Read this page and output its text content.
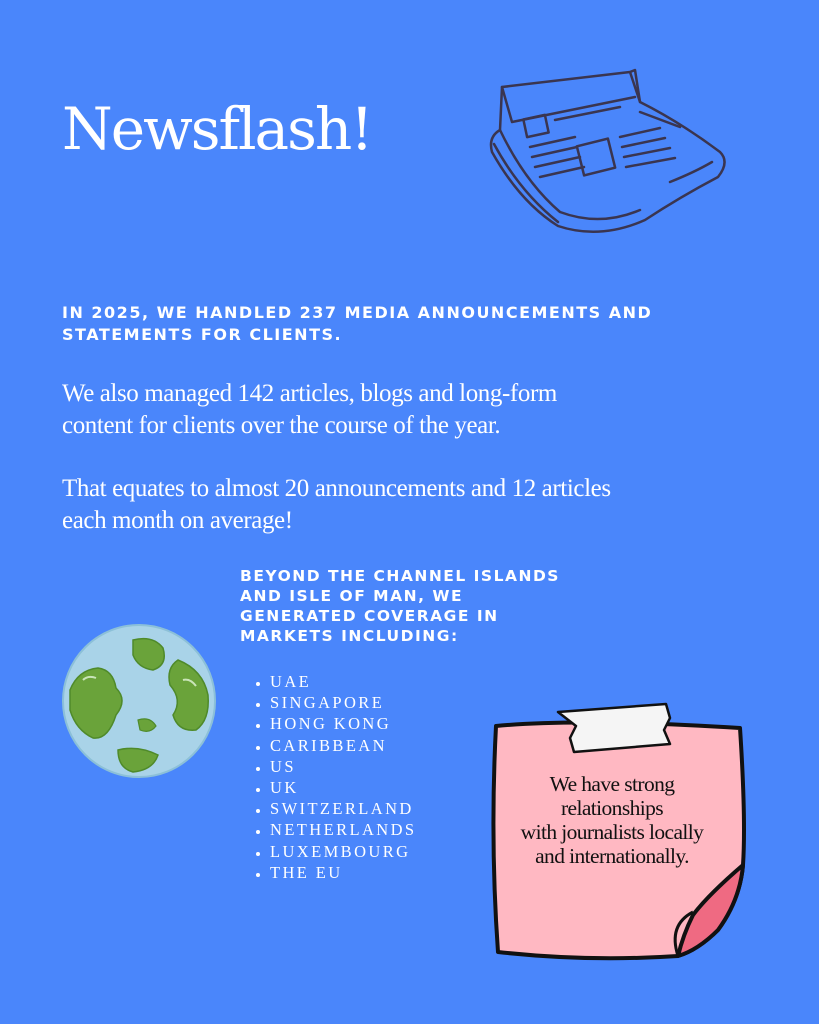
Newsflash!

IN 2025, WE HANDLED 237 MEDIA ANNOUNCEMENTS AND STATEMENTS FOR CLIENTS.

We also managed 142 articles, blogs and long-form content for clients over the course of the year.

That equates to almost 20 announcements and 12 articles each month on average!

BEYOND THE CHANNEL ISLANDS AND ISLE OF MAN, WE GENERATED COVERAGE IN MARKETS INCLUDING:

• UAE
• SINGAPORE
• HONG KONG
• CARIBBEAN
• US
• UK
• SWITZERLAND
• NETHERLANDS
• LUXEMBOURG
• THE EU

We have strong
relationships
with journalists locally
and internationally.
